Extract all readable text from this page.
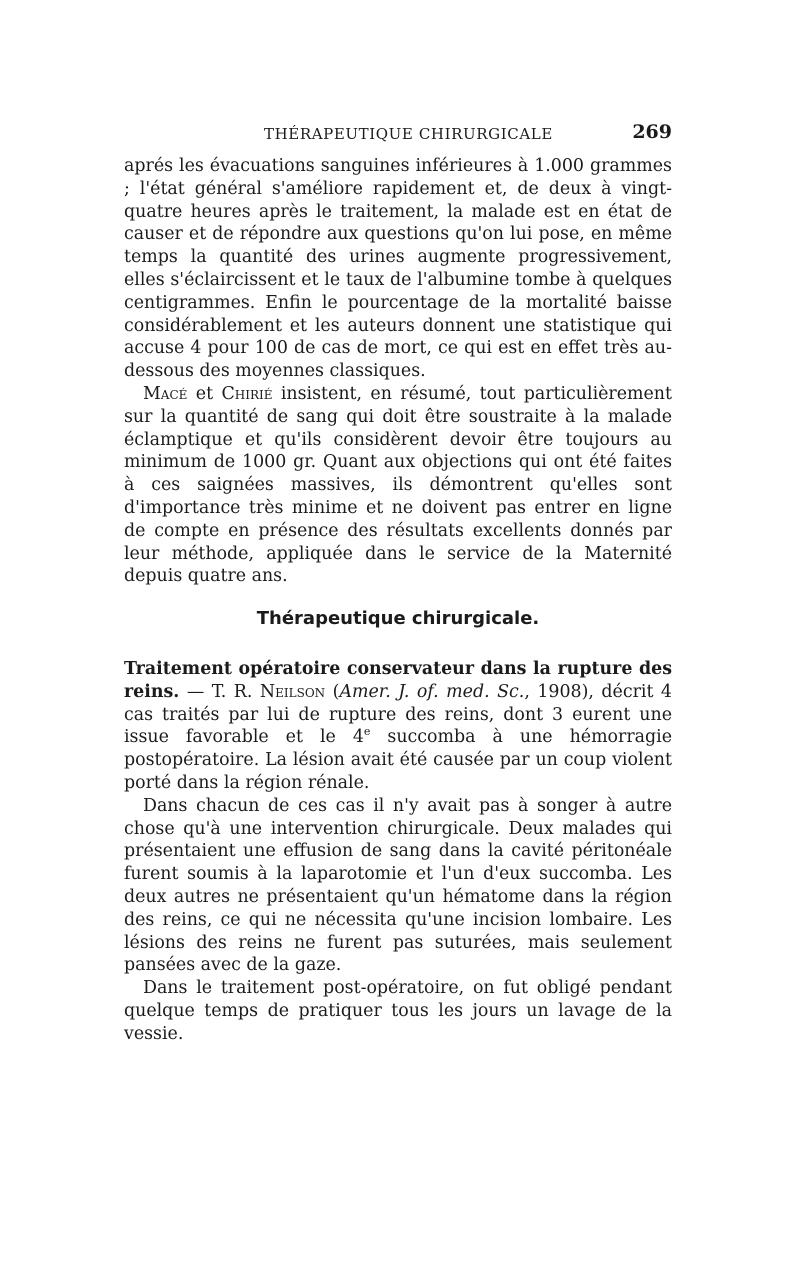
THÉRAPEUTIQUE CHIRURGICALE	269

aprés les évacuations sanguines inférieures à 1.000 grammes ; l'état général s'améliore rapidement et, de deux à vingt-quatre heures après le traitement, la malade est en état de causer et de répondre aux questions qu'on lui pose, en même temps la quantité des urines augmente progressivement, elles s'éclaircissent et le taux de l'albumine tombe à quelques centigrammes. Enfin le pourcentage de la mortalité baisse considérablement et les auteurs donnent une statistique qui accuse 4 pour 100 de cas de mort, ce qui est en effet très au-dessous des moyennes classiques.

Macé et Chirié insistent, en résumé, tout particulièrement sur la quantité de sang qui doit être soustraite à la malade éclamptique et qu'ils considèrent devoir être toujours au minimum de 1000 gr. Quant aux objections qui ont été faites à ces saignées massives, ils démontrent qu'elles sont d'importance très minime et ne doivent pas entrer en ligne de compte en présence des résultats excellents donnés par leur méthode, appliquée dans le service de la Maternité depuis quatre ans.

Thérapeutique chirurgicale.

Traitement opératoire conservateur dans la rupture des reins. — T. R. Neilson (Amer. J. of. med. Sc., 1908), décrit 4 cas traités par lui de rupture des reins, dont 3 eurent une issue favorable et le 4e succomba à une hémorragie postopératoire. La lésion avait été causée par un coup violent porté dans la région rénale.

Dans chacun de ces cas il n'y avait pas à songer à autre chose qu'à une intervention chirurgicale. Deux malades qui présentaient une effusion de sang dans la cavité péritonéale furent soumis à la laparotomie et l'un d'eux succomba. Les deux autres ne présentaient qu'un hématome dans la région des reins, ce qui ne nécessita qu'une incision lombaire. Les lésions des reins ne furent pas suturées, mais seulement pansées avec de la gaze.

Dans le traitement post-opératoire, on fut obligé pendant quelque temps de pratiquer tous les jours un lavage de la vessie.
